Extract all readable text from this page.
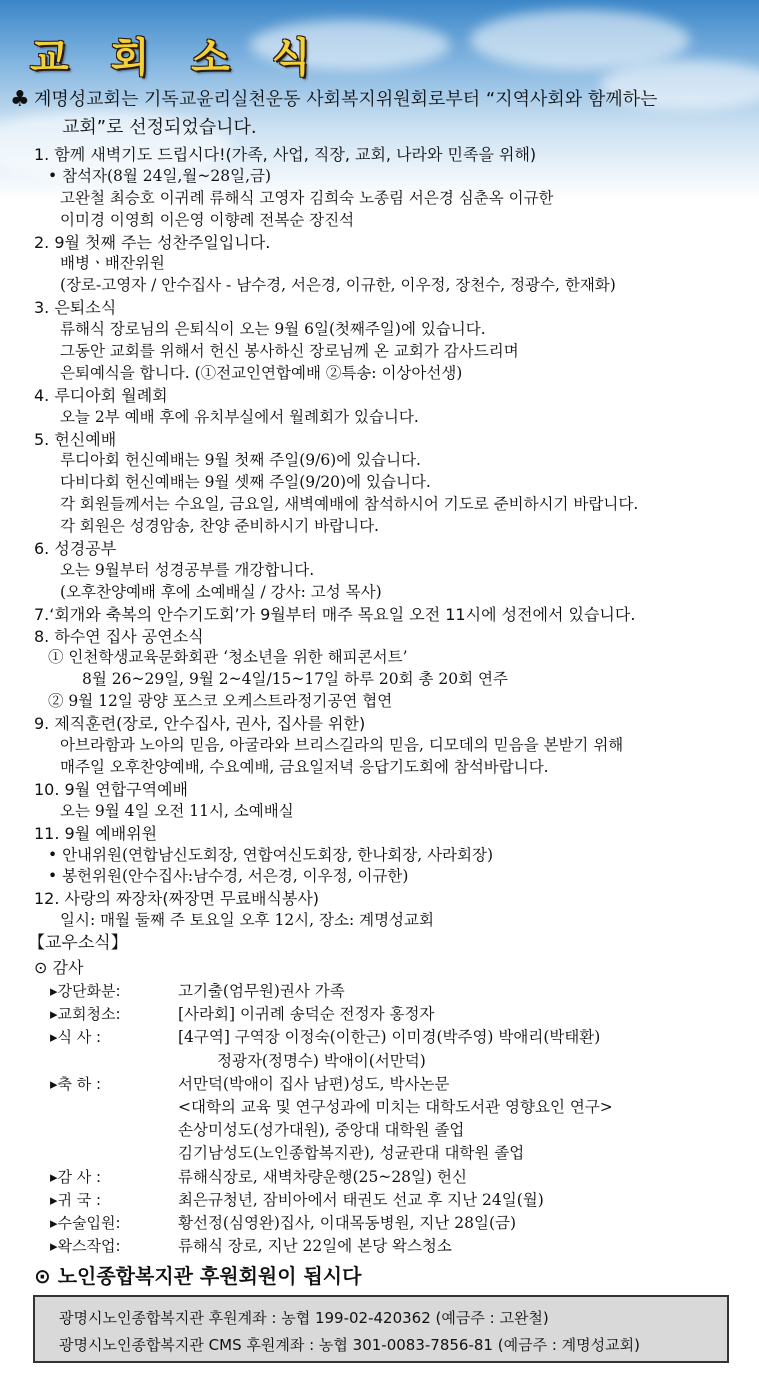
교 회 소 식
♣ 계명성교회는 기독교윤리실천운동 사회복지위원회로부터 “지역사회와 함께하는
교회”로 선정되었습니다.
1. 함께 새벽기도 드립시다!(가족, 사업, 직장, 교회, 나라와 민족을 위해)
• 참석자(8월 24일,월~28일,금)
고완철 최승호 이귀례 류해식 고영자 김희숙 노종림 서은경 심춘옥 이규한
이미경 이영희 이은영 이향례 전복순 장진석
2. 9월 첫째 주는 성찬주일입니다.
배병ㆍ배잔위원
(장로-고영자 / 안수집사 - 남수경, 서은경, 이규한, 이우정, 장천수, 정광수, 한재화)
3. 은퇴소식
류해식 장로님의 은퇴식이 오는 9월 6일(첫째주일)에 있습니다.
그동안 교회를 위해서 헌신 봉사하신 장로님께 온 교회가 감사드리며
은퇴예식을 합니다. (①전교인연합예배 ②특송: 이상아선생)
4. 루디아회 월례회
오늘 2부 예배 후에 유치부실에서 월례회가 있습니다.
5. 헌신예배
루디아회 헌신예배는 9월 첫째 주일(9/6)에 있습니다.
다비다회 헌신예배는 9월 셋째 주일(9/20)에 있습니다.
각 회원들께서는 수요일, 금요일, 새벽예배에 참석하시어 기도로 준비하시기 바랍니다.
각 회원은 성경암송, 찬양 준비하시기 바랍니다.
6. 성경공부
오는 9월부터 성경공부를 개강합니다.
(오후찬양예배 후에 소예배실 / 강사: 고성 목사)
7.‘회개와 축복의 안수기도회’가 9월부터 매주 목요일 오전 11시에 성전에서 있습니다.
8. 하수연 집사 공연소식
① 인천학생교육문화회관 ‘청소년을 위한 해피콘서트’
8월 26~29일, 9월 2~4일/15~17일 하루 20회 총 20회 연주
② 9월 12일 광양 포스코 오케스트라정기공연 협연
9. 제직훈련(장로, 안수집사, 권사, 집사를 위한)
아브라함과 노아의 믿음, 아굴라와 브리스길라의 믿음, 디모데의 믿음을 본받기 위해
매주일 오후찬양예배, 수요예배, 금요일저녁 응답기도회에 참석바랍니다.
10. 9월 연합구역예배
오는 9월 4일 오전 11시, 소예배실
11. 9월 예배위원
• 안내위원(연합남신도회장, 연합여신도회장, 한나회장, 사라회장)
• 봉헌위원(안수집사:남수경, 서은경, 이우정, 이규한)
12. 사랑의 짜장차(짜장면 무료배식봉사)
일시: 매월 둘째 주 토요일 오후 12시, 장소: 계명성교회
【교우소식】
⊙ 감사
▸강단화분:	고기출(엄무원)권사 가족
▸교회청소:	[사라회] 이귀례 송덕순 전정자 홍정자
▸식 사 :	[4구역] 구역장 이정숙(이한근) 이미경(박주영) 박애리(박태환)
정광자(정명수) 박애이(서만덕)
▸축 하 :	서만덕(박애이 집사 남편)성도, 박사논문
<대학의 교육 및 연구성과에 미치는 대학도서관 영향요인 연구>
손상미성도(성가대원), 중앙대 대학원 졸업
김기남성도(노인종합복지관), 성균관대 대학원 졸업
▸감 사 :	류해식장로, 새벽차량운행(25~28일) 헌신
▸귀 국 :	최은규청년, 잠비아에서 태권도 선교 후 지난 24일(월)
▸수술입원:	황선정(심영완)집사, 이대목동병원, 지난 28일(금)
▸왁스작업:	류해식 장로, 지난 22일에 본당 왁스청소
⊙ 노인종합복지관 후원회원이 됩시다
광명시노인종합복지관 후원계좌 : 농협 199-02-420362 (예금주 : 고완철)
광명시노인종합복지관 CMS 후원계좌 : 농협 301-0083-7856-81 (예금주 : 계명성교회)
